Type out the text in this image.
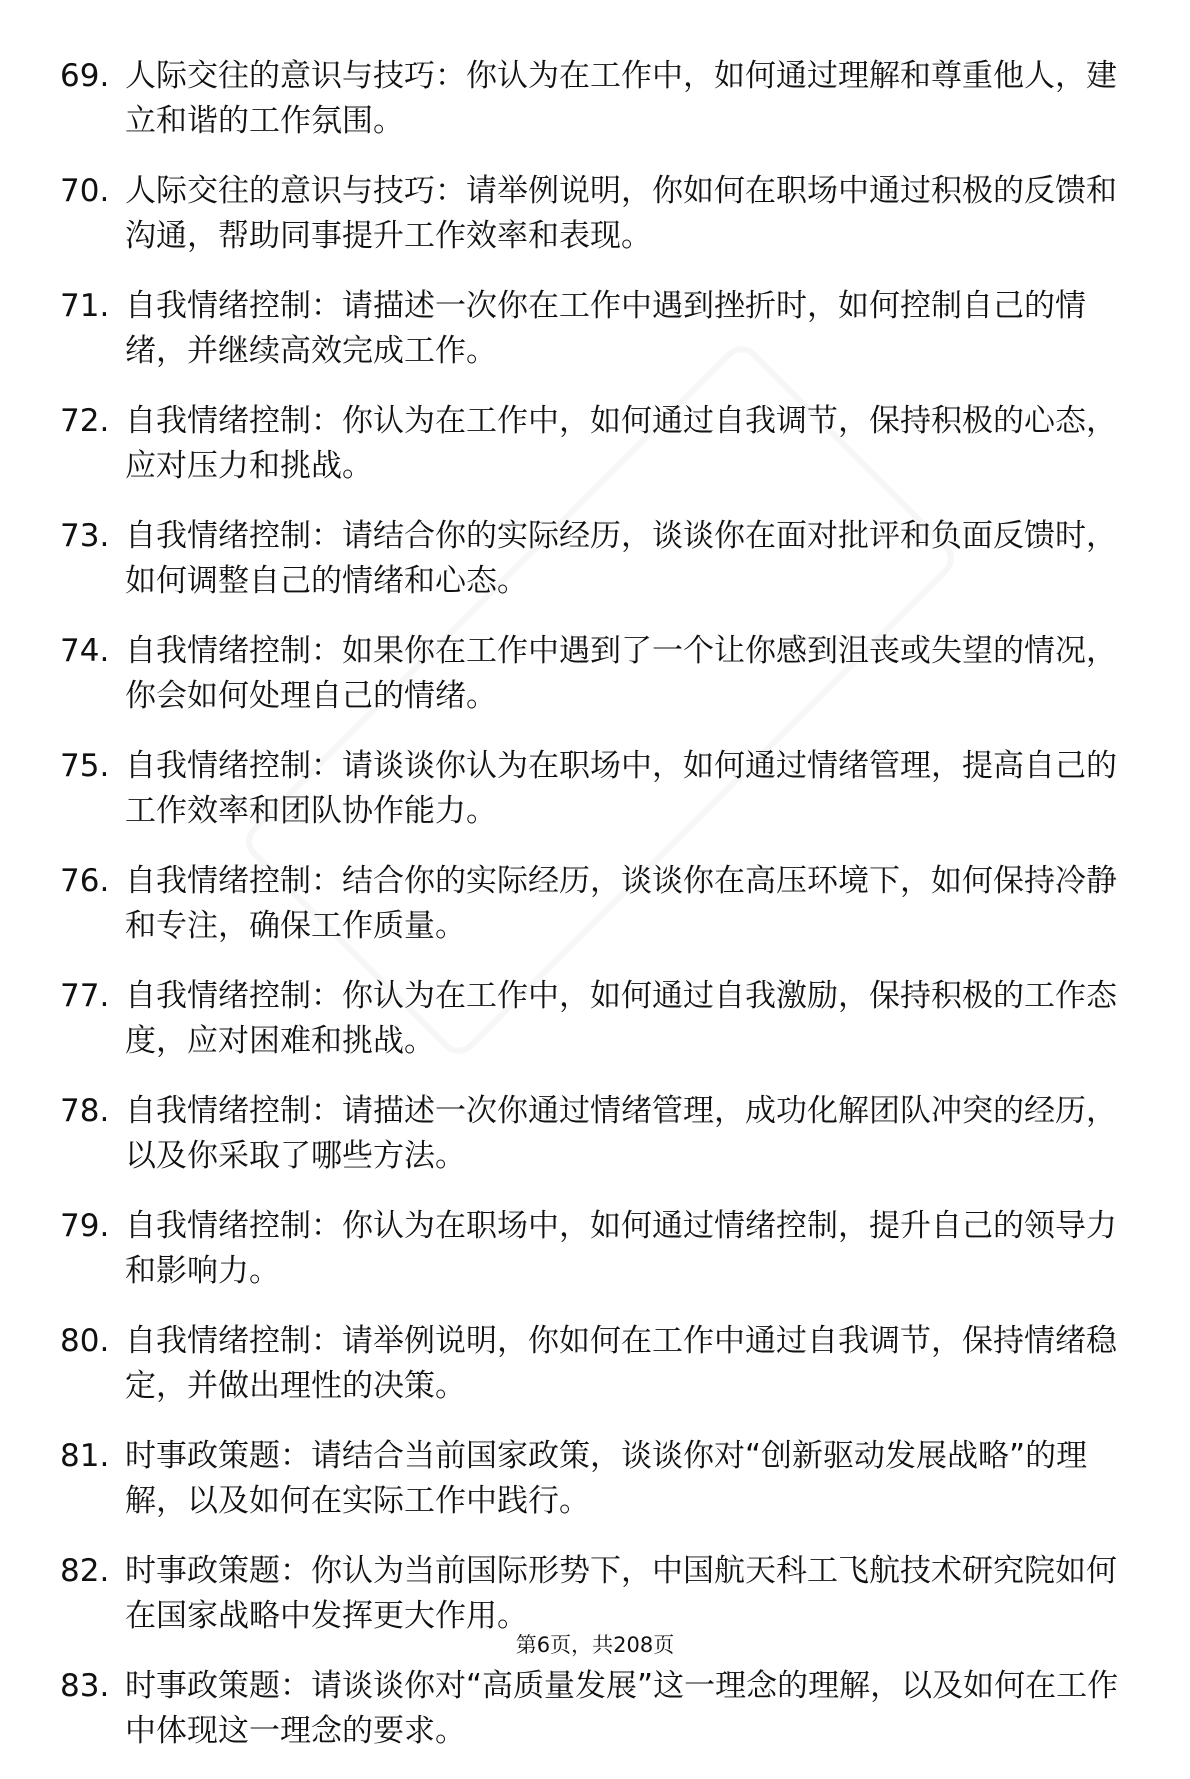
69. 人际交往的意识与技巧：你认为在工作中，如何通过理解和尊重他人，建立和谐的工作氛围。
70. 人际交往的意识与技巧：请举例说明，你如何在职场中通过积极的反馈和沟通，帮助同事提升工作效率和表现。
71. 自我情绪控制：请描述一次你在工作中遇到挫折时，如何控制自己的情绪，并继续高效完成工作。
72. 自我情绪控制：你认为在工作中，如何通过自我调节，保持积极的心态，应对压力和挑战。
73. 自我情绪控制：请结合你的实际经历，谈谈你在面对批评和负面反馈时，如何调整自己的情绪和心态。
74. 自我情绪控制：如果你在工作中遇到了一个让你感到沮丧或失望的情况，你会如何处理自己的情绪。
75. 自我情绪控制：请谈谈你认为在职场中，如何通过情绪管理，提高自己的工作效率和团队协作能力。
76. 自我情绪控制：结合你的实际经历，谈谈你在高压环境下，如何保持冷静和专注，确保工作质量。
77. 自我情绪控制：你认为在工作中，如何通过自我激励，保持积极的工作态度，应对困难和挑战。
78. 自我情绪控制：请描述一次你通过情绪管理，成功化解团队冲突的经历，以及你采取了哪些方法。
79. 自我情绪控制：你认为在职场中，如何通过情绪控制，提升自己的领导力和影响力。
80. 自我情绪控制：请举例说明，你如何在工作中通过自我调节，保持情绪稳定，并做出理性的决策。
81. 时事政策题：请结合当前国家政策，谈谈你对“创新驱动发展战略”的理解，以及如何在实际工作中践行。
82. 时事政策题：你认为当前国际形势下，中国航天科工飞航技术研究院如何在国家战略中发挥更大作用。
83. 时事政策题：请谈谈你对“高质量发展”这一理念的理解，以及如何在工作中体现这一理念的要求。
第6页，共208页
